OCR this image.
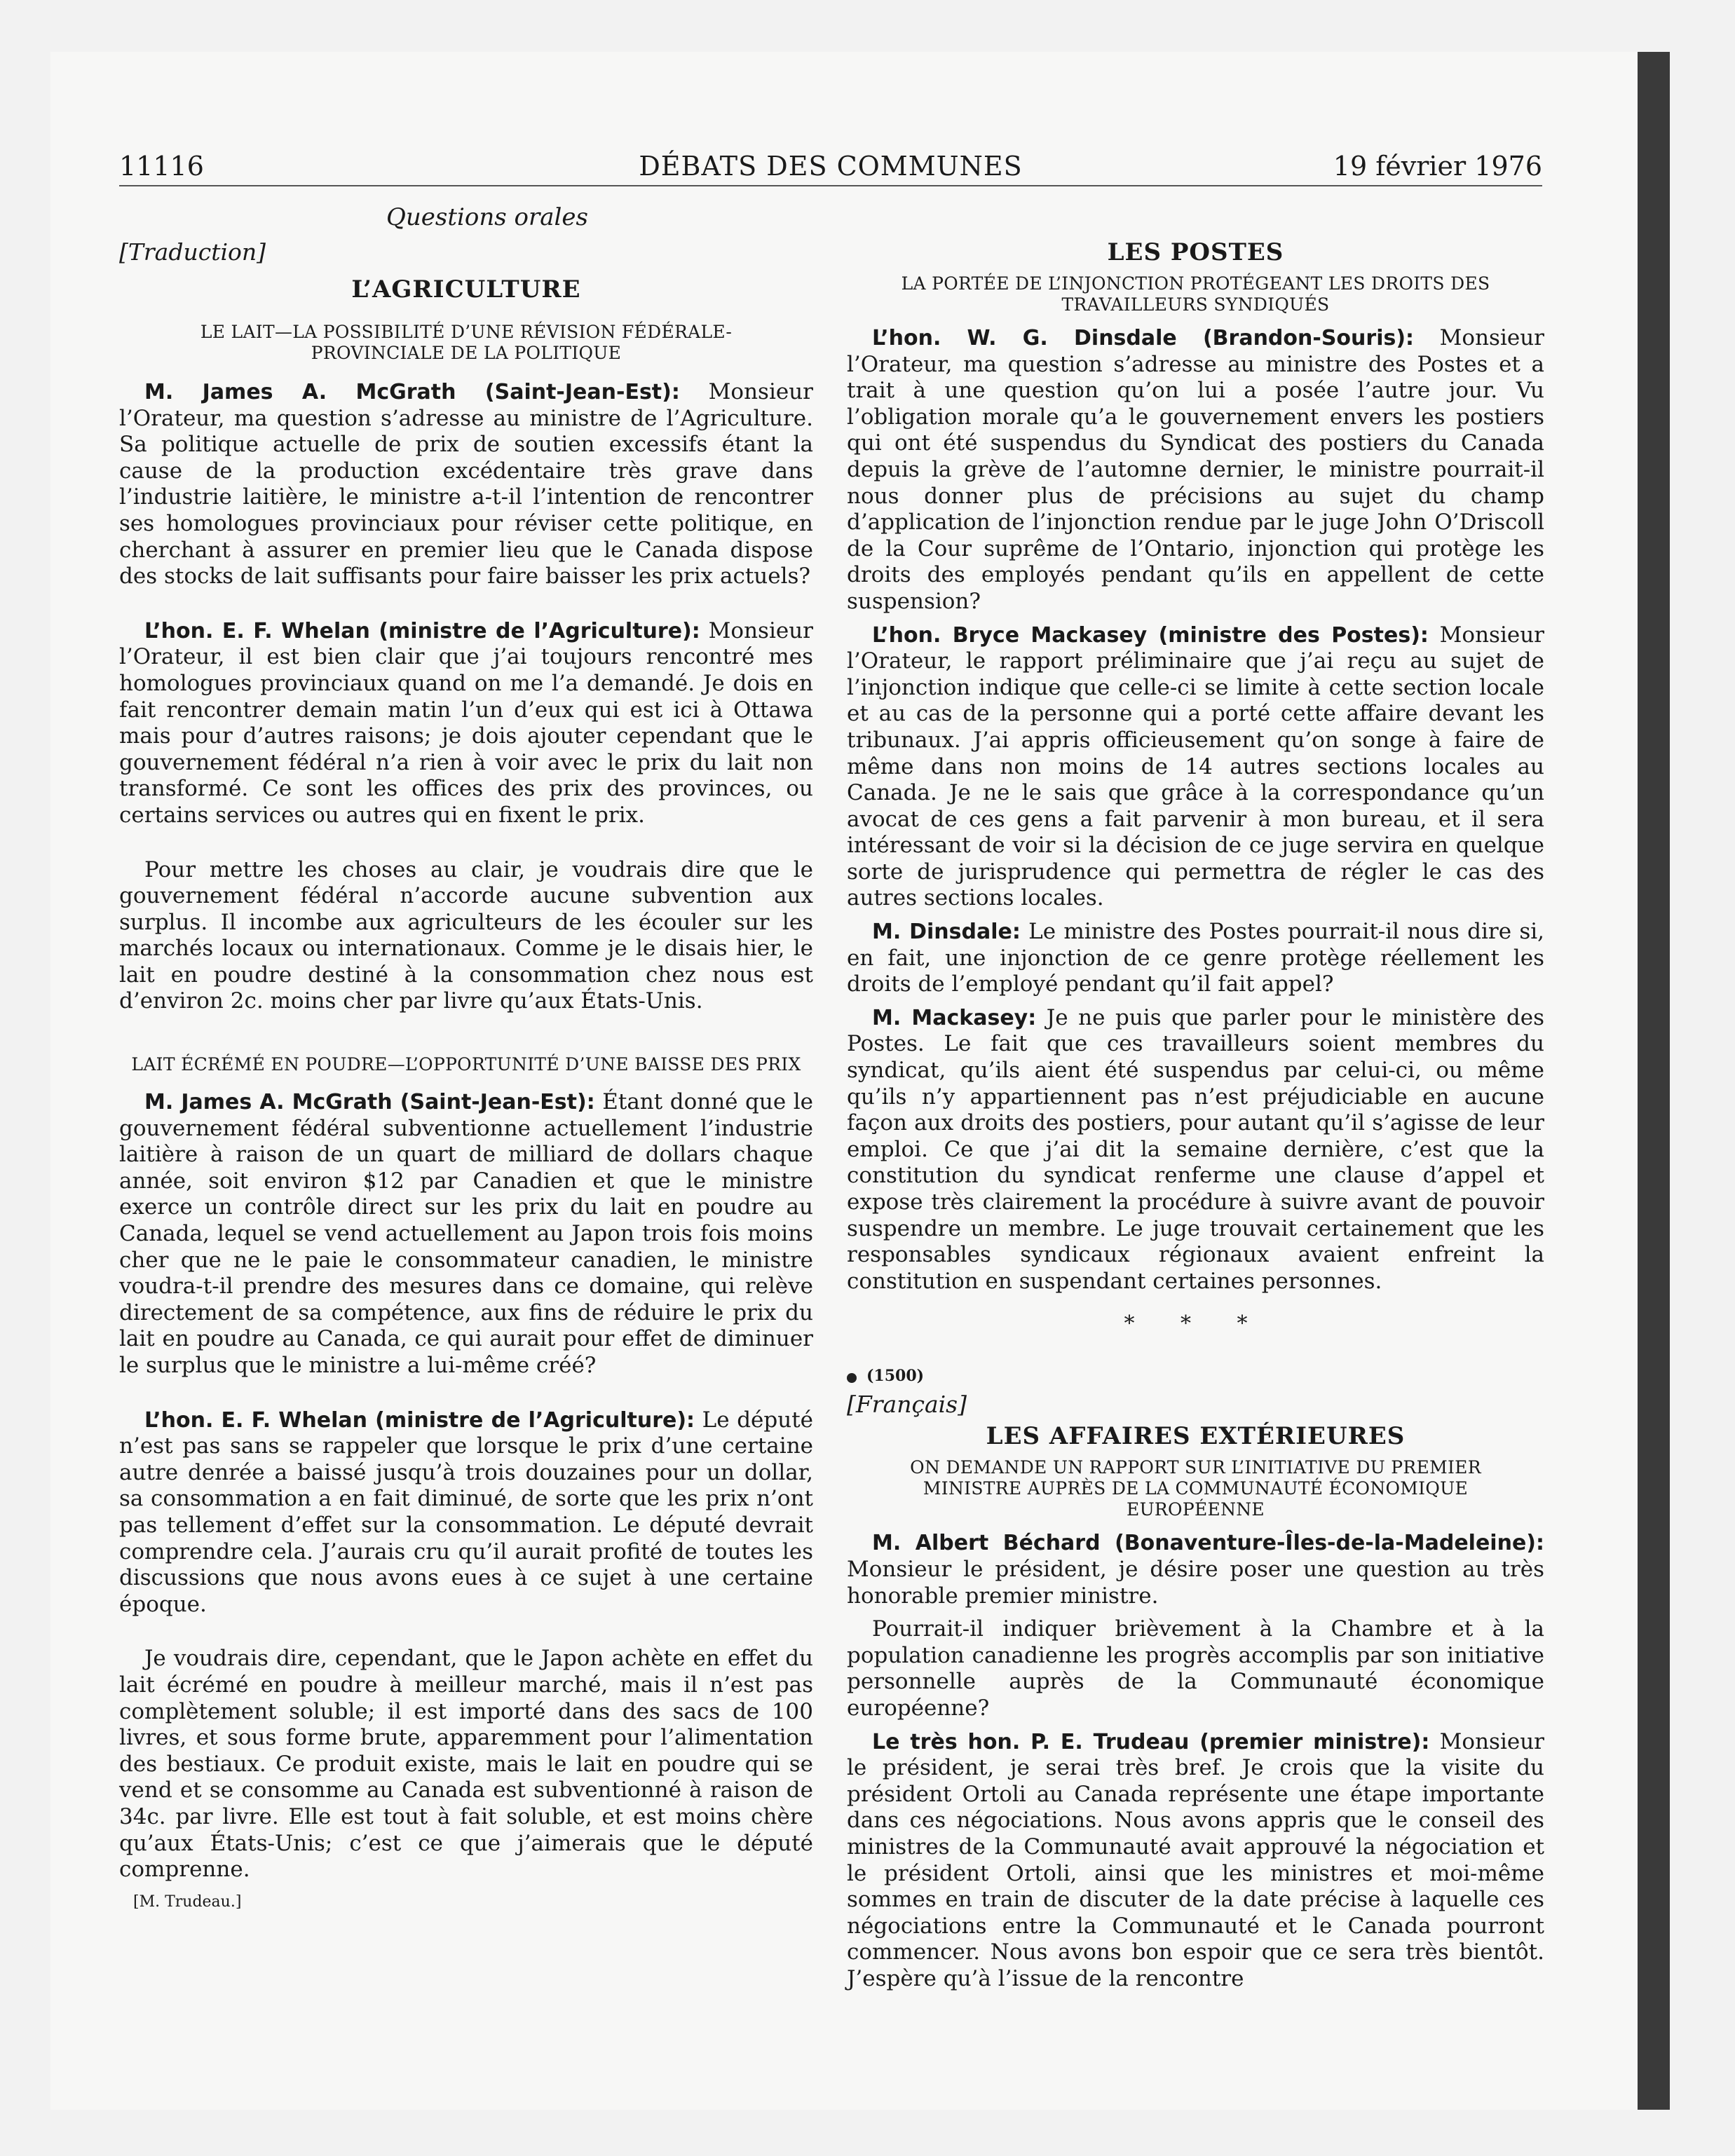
11116	DÉBATS DES COMMUNES	19 février 1976
Questions orales
[Traduction]
L’AGRICULTURE
LE LAIT—LA POSSIBILITÉ D’UNE RÉVISION FÉDÉRALE-PROVINCIALE DE LA POLITIQUE

M. James A. McGrath (Saint-Jean-Est): Monsieur l’Orateur, ma question s’adresse au ministre de l’Agriculture. Sa politique actuelle de prix de soutien excessifs étant la cause de la production excédentaire très grave dans l’industrie laitière, le ministre a-t-il l’intention de rencontrer ses homologues provinciaux pour réviser cette politique, en cherchant à assurer en premier lieu que le Canada dispose des stocks de lait suffisants pour faire baisser les prix actuels?

L’hon. E. F. Whelan (ministre de l’Agriculture): Monsieur l’Orateur, il est bien clair que j’ai toujours rencontré mes homologues provinciaux quand on me l’a demandé. Je dois en fait rencontrer demain matin l’un d’eux qui est ici à Ottawa mais pour d’autres raisons; je dois ajouter cependant que le gouvernement fédéral n’a rien à voir avec le prix du lait non transformé. Ce sont les offices des prix des provinces, ou certains services ou autres qui en fixent le prix.

Pour mettre les choses au clair, je voudrais dire que le gouvernement fédéral n’accorde aucune subvention aux surplus. Il incombe aux agriculteurs de les écouler sur les marchés locaux ou internationaux. Comme je le disais hier, le lait en poudre destiné à la consommation chez nous est d’environ 2c. moins cher par livre qu’aux États-Unis.

LAIT ÉCRÉMÉ EN POUDRE—L’OPPORTUNITÉ D’UNE BAISSE DES PRIX

M. James A. McGrath (Saint-Jean-Est): Étant donné que le gouvernement fédéral subventionne actuellement l’industrie laitière à raison de un quart de milliard de dollars chaque année, soit environ $12 par Canadien et que le ministre exerce un contrôle direct sur les prix du lait en poudre au Canada, lequel se vend actuellement au Japon trois fois moins cher que ne le paie le consommateur canadien, le ministre voudra-t-il prendre des mesures dans ce domaine, qui relève directement de sa compétence, aux fins de réduire le prix du lait en poudre au Canada, ce qui aurait pour effet de diminuer le surplus que le ministre a lui-même créé?

L’hon. E. F. Whelan (ministre de l’Agriculture): Le député n’est pas sans se rappeler que lorsque le prix d’une certaine autre denrée a baissé jusqu’à trois douzaines pour un dollar, sa consommation a en fait diminué, de sorte que les prix n’ont pas tellement d’effet sur la consommation. Le député devrait comprendre cela. J’aurais cru qu’il aurait profité de toutes les discussions que nous avons eues à ce sujet à une certaine époque.

Je voudrais dire, cependant, que le Japon achète en effet du lait écrémé en poudre à meilleur marché, mais il n’est pas complètement soluble; il est importé dans des sacs de 100 livres, et sous forme brute, apparemment pour l’alimentation des bestiaux. Ce produit existe, mais le lait en poudre qui se vend et se consomme au Canada est subventionné à raison de 34c. par livre. Elle est tout à fait soluble, et est moins chère qu’aux États-Unis; c’est ce que j’aimerais que le député comprenne.

[M. Trudeau.]
LES POSTES
LA PORTÉE DE L’INJONCTION PROTÉGEANT LES DROITS DES TRAVAILLEURS SYNDIQUÉS

L’hon. W. G. Dinsdale (Brandon-Souris): Monsieur l’Orateur, ma question s’adresse au ministre des Postes et a trait à une question qu’on lui a posée l’autre jour. Vu l’obligation morale qu’a le gouvernement envers les postiers qui ont été suspendus du Syndicat des postiers du Canada depuis la grève de l’automne dernier, le ministre pourrait-il nous donner plus de précisions au sujet du champ d’application de l’injonction rendue par le juge John O’Driscoll de la Cour suprême de l’Ontario, injonction qui protège les droits des employés pendant qu’ils en appellent de cette suspension?

L’hon. Bryce Mackasey (ministre des Postes): Monsieur l’Orateur, le rapport préliminaire que j’ai reçu au sujet de l’injonction indique que celle-ci se limite à cette section locale et au cas de la personne qui a porté cette affaire devant les tribunaux. J’ai appris officieusement qu’on songe à faire de même dans non moins de 14 autres sections locales au Canada. Je ne le sais que grâce à la correspondance qu’un avocat de ces gens a fait parvenir à mon bureau, et il sera intéressant de voir si la décision de ce juge servira en quelque sorte de jurisprudence qui permettra de régler le cas des autres sections locales.

M. Dinsdale: Le ministre des Postes pourrait-il nous dire si, en fait, une injonction de ce genre protège réellement les droits de l’employé pendant qu’il fait appel?

M. Mackasey: Je ne puis que parler pour le ministère des Postes. Le fait que ces travailleurs soient membres du syndicat, qu’ils aient été suspendus par celui-ci, ou même qu’ils n’y appartiennent pas n’est préjudiciable en aucune façon aux droits des postiers, pour autant qu’il s’agisse de leur emploi. Ce que j’ai dit la semaine dernière, c’est que la constitution du syndicat renferme une clause d’appel et expose très clairement la procédure à suivre avant de pouvoir suspendre un membre. Le juge trouvait certainement que les responsables syndicaux régionaux avaient enfreint la constitution en suspendant certaines personnes.

* * *
(1500)
[Français]
LES AFFAIRES EXTÉRIEURES
ON DEMANDE UN RAPPORT SUR L’INITIATIVE DU PREMIER MINISTRE AUPRÈS DE LA COMMUNAUTÉ ÉCONOMIQUE EUROPÉENNE

M. Albert Béchard (Bonaventure-Îles-de-la-Madeleine): Monsieur le président, je désire poser une question au très honorable premier ministre.

Pourrait-il indiquer brièvement à la Chambre et à la population canadienne les progrès accomplis par son initiative personnelle auprès de la Communauté économique européenne?

Le très hon. P. E. Trudeau (premier ministre): Monsieur le président, je serai très bref. Je crois que la visite du président Ortoli au Canada représente une étape importante dans ces négociations. Nous avons appris que le conseil des ministres de la Communauté avait approuvé la négociation et le président Ortoli, ainsi que les ministres et moi-même sommes en train de discuter de la date précise à laquelle ces négociations entre la Communauté et le Canada pourront commencer. Nous avons bon espoir que ce sera très bientôt. J’espère qu’à l’issue de la rencontre
